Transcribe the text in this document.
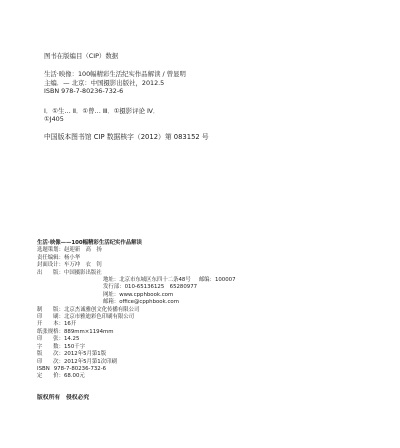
图书在版编目（CIP）数据
生活·映像：100幅精彩生活纪实作品解读 / 曾显明
主编．— 北京：中国摄影出版社，2012.5
ISBN 978-7-80236-732-6
Ⅰ．①生… Ⅱ．①曾… Ⅲ．①摄影评论 Ⅳ．
①J405
中国版本图书馆 CIP 数据核字（2012）第 083152 号
生活·映像——100幅精彩生活纪实作品解读
选题策划： 赵迎新　高　扬
责任编辑： 杨小华
封面设计： 车万冲　衣　钊
出　　版： 中国摄影出版社
地址： 北京市东城区东四十二条48号 邮编： 100007
发行部： 010-65136125　65280977
网址： www.cpphbook.com
邮箱： office@cpphbook.com
制　　版： 北京杰诚雅创文化传播有限公司
印　　刷： 北京市雅迪彩色印刷有限公司
开　　本： 16开
纸张规格： 889mm×1194mm
印　　张： 14.25
字　　数： 150千字
版　　次： 2012年5月第1版
印　　次： 2012年5月第1次印刷
ISBN 978-7-80236-732-6
定　　价： 68.00元
版权所有　侵权必究
